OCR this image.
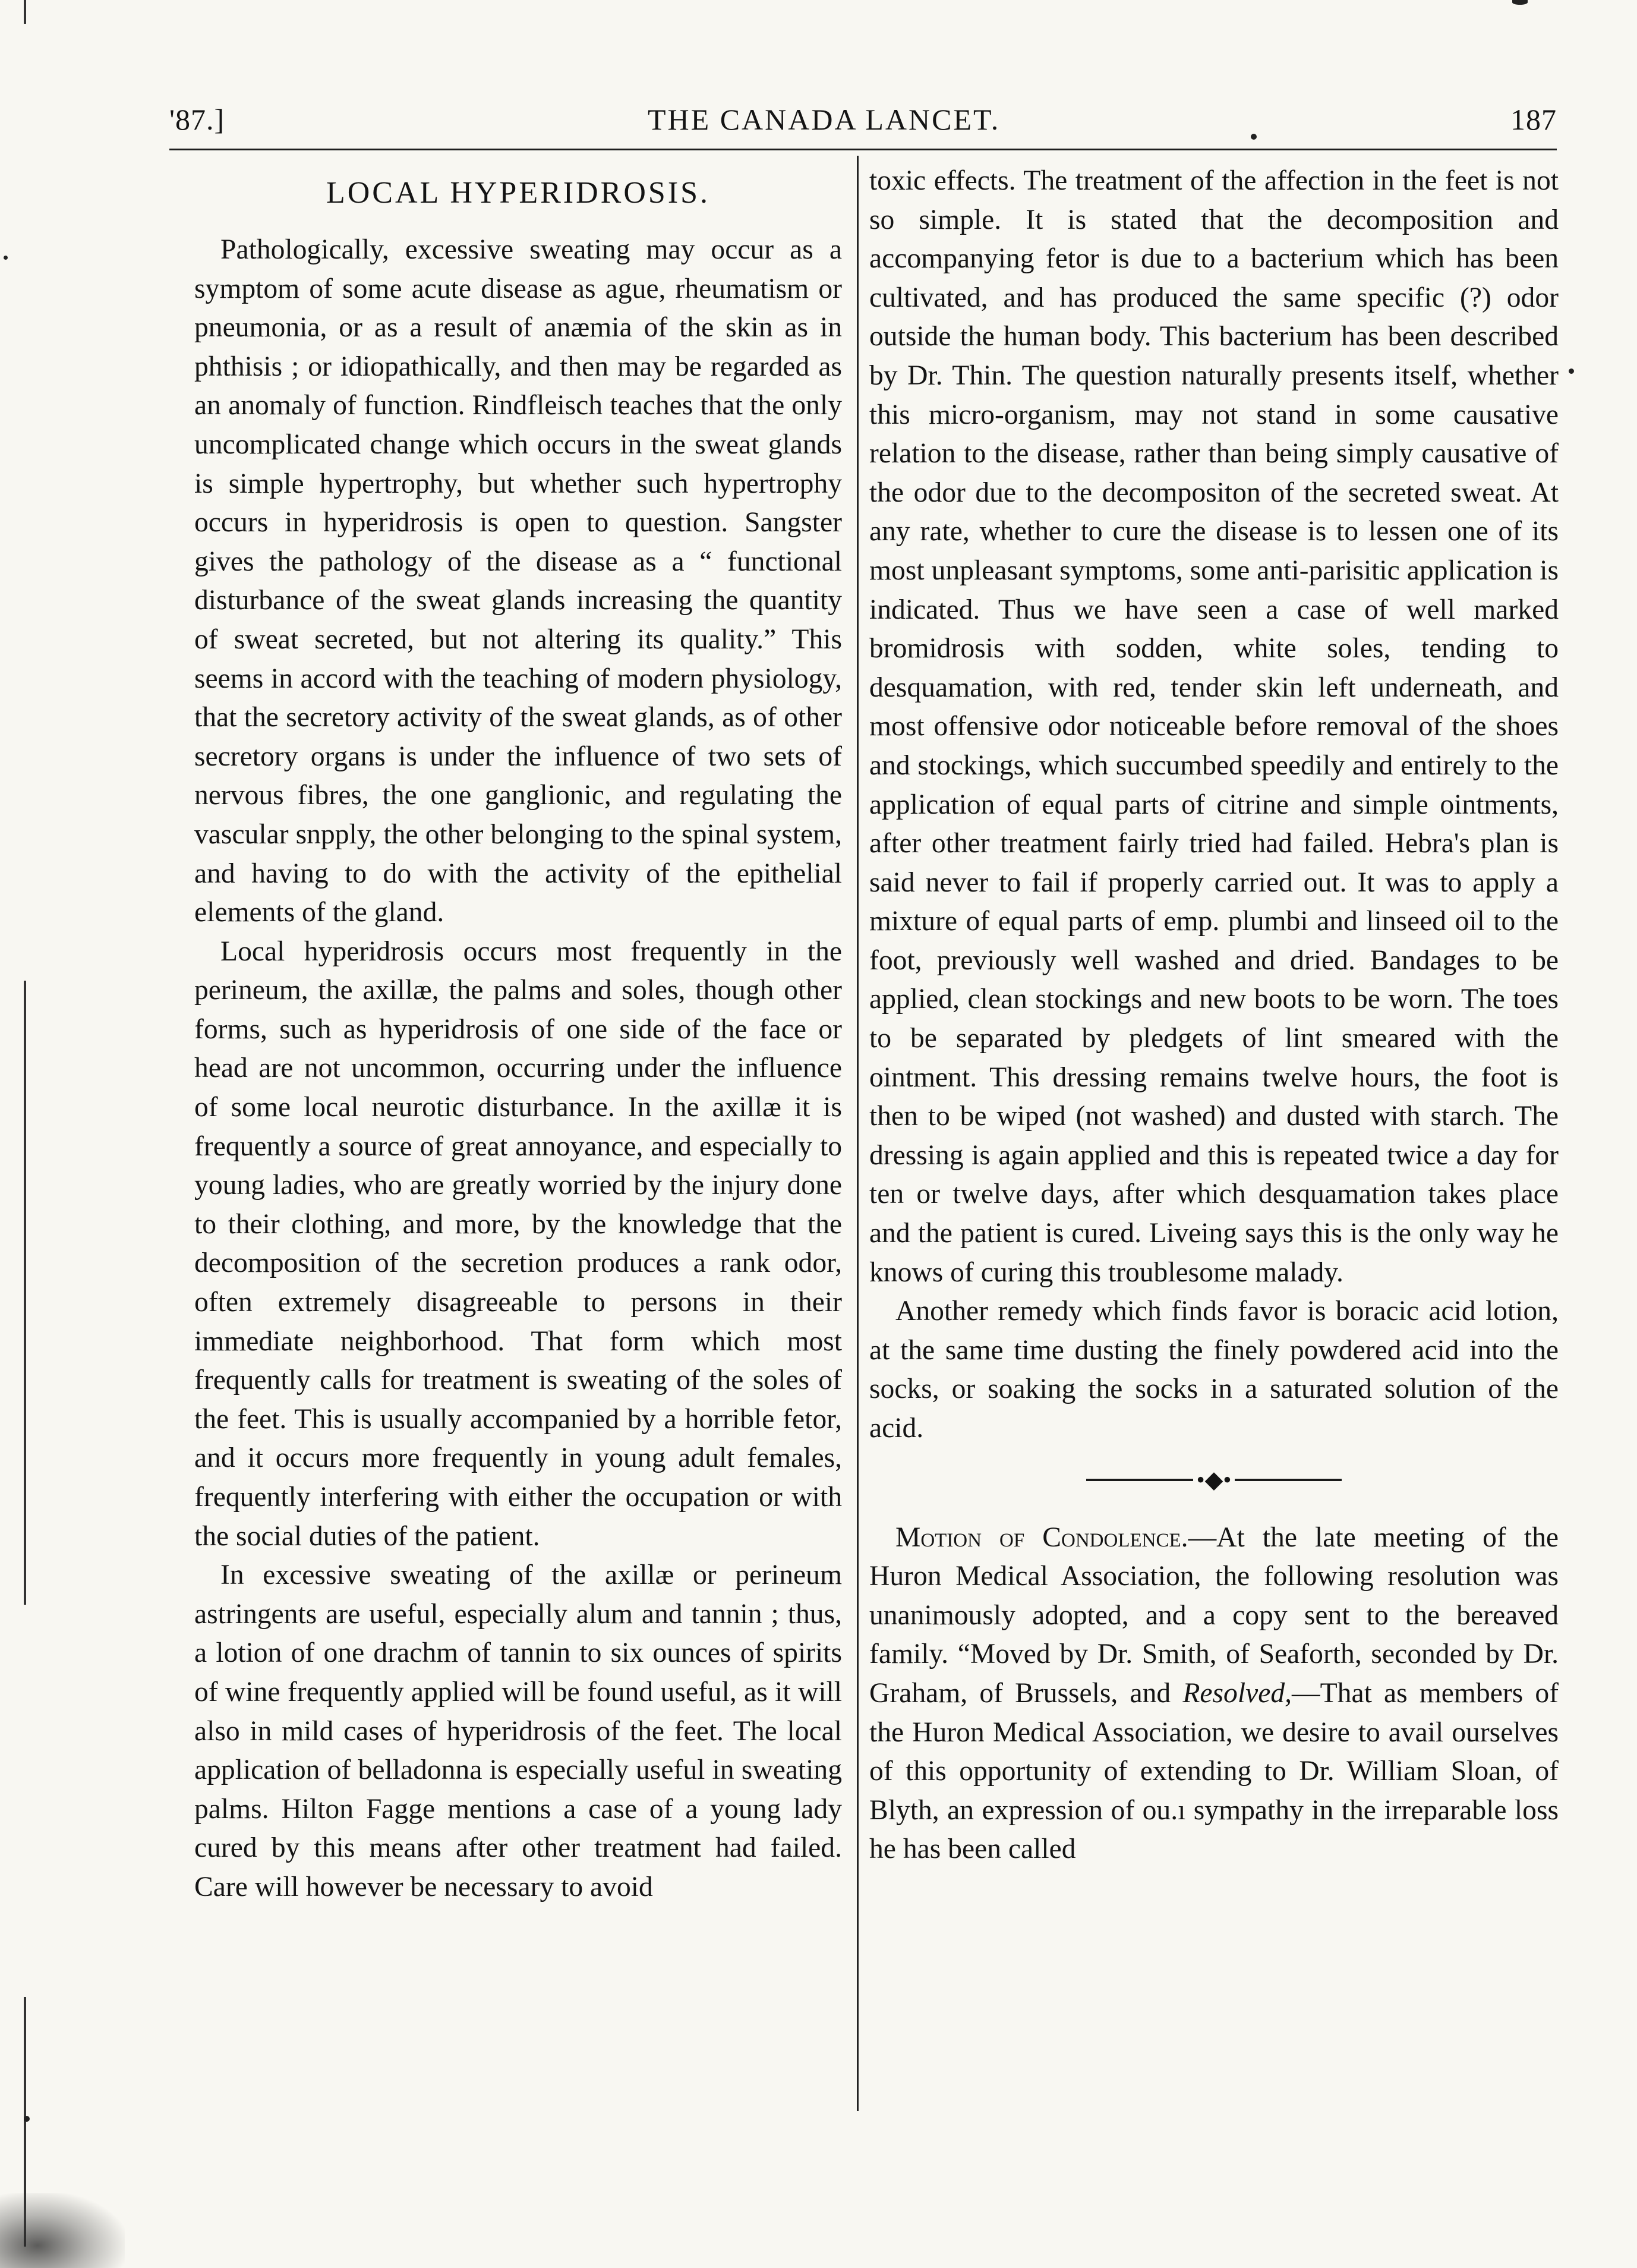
'87.]	THE CANADA LANCET.	187
LOCAL HYPERIDROSIS.

Pathologically, excessive sweating may occur as a symptom of some acute disease as ague, rheumatism or pneumonia, or as a result of anæmia of the skin as in phthisis ; or idiopathically, and then may be regarded as an anomaly of function. Rindfleisch teaches that the only uncomplicated change which occurs in the sweat glands is simple hypertrophy, but whether such hypertrophy occurs in hyperidrosis is open to question. Sangster gives the pathology of the disease as a “ functional disturbance of the sweat glands increasing the quantity of sweat secreted, but not altering its quality.” This seems in accord with the teaching of modern physiology, that the secretory activity of the sweat glands, as of other secretory organs is under the influence of two sets of nervous fibres, the one ganglionic, and regulating the vascular snpply, the other belonging to the spinal system, and having to do with the activity of the epithelial elements of the gland.

Local hyperidrosis occurs most frequently in the perineum, the axillæ, the palms and soles, though other forms, such as hyperidrosis of one side of the face or head are not uncommon, occurring under the influence of some local neurotic disturbance. In the axillæ it is frequently a source of great annoyance, and especially to young ladies, who are greatly worried by the injury done to their clothing, and more, by the knowledge that the decomposition of the secretion produces a rank odor, often extremely disagreeable to persons in their immediate neighborhood. That form which most frequently calls for treatment is sweating of the soles of the feet. This is usually accompanied by a horrible fetor, and it occurs more frequently in young adult females, frequently interfering with either the occupation or with the social duties of the patient.

In excessive sweating of the axillæ or perineum astringents are useful, especially alum and tannin ; thus, a lotion of one drachm of tannin to six ounces of spirits of wine frequently applied will be found useful, as it will also in mild cases of hyperidrosis of the feet. The local application of belladonna is especially useful in sweating palms. Hilton Fagge mentions a case of a young lady cured by this means after other treatment had failed. Care will however be necessary to avoid

toxic effects. The treatment of the affection in the feet is not so simple. It is stated that the decomposition and accompanying fetor is due to a bacterium which has been cultivated, and has produced the same specific (?) odor outside the human body. This bacterium has been described by Dr. Thin. The question naturally presents itself, whether this micro-organism, may not stand in some causative relation to the disease, rather than being simply causative of the odor due to the decompositon of the secreted sweat. At any rate, whether to cure the disease is to lessen one of its most unpleasant symptoms, some anti-parisitic application is indicated. Thus we have seen a case of well marked bromidrosis with sodden, white soles, tending to desquamation, with red, tender skin left underneath, and most offensive odor noticeable before removal of the shoes and stockings, which succumbed speedily and entirely to the application of equal parts of citrine and simple ointments, after other treatment fairly tried had failed. Hebra's plan is said never to fail if properly carried out. It was to apply a mixture of equal parts of emp. plumbi and linseed oil to the foot, previously well washed and dried. Bandages to be applied, clean stockings and new boots to be worn. The toes to be separated by pledgets of lint smeared with the ointment. This dressing remains twelve hours, the foot is then to be wiped (not washed) and dusted with starch. The dressing is again applied and this is repeated twice a day for ten or twelve days, after which desquamation takes place and the patient is cured. Liveing says this is the only way he knows of curing this troublesome malady.

Another remedy which finds favor is boracic acid lotion, at the same time dusting the finely powdered acid into the socks, or soaking the socks in a saturated solution of the acid.

•◆•

Motion of Condolence.—At the late meeting of the Huron Medical Association, the following resolution was unanimously adopted, and a copy sent to the bereaved family. “Moved by Dr. Smith, of Seaforth, seconded by Dr. Graham, of Brussels, and Resolved,—That as members of the Huron Medical Association, we desire to avail ourselves of this opportunity of extending to Dr. William Sloan, of Blyth, an expression of ou.ı sympathy in the irreparable loss he has been called
